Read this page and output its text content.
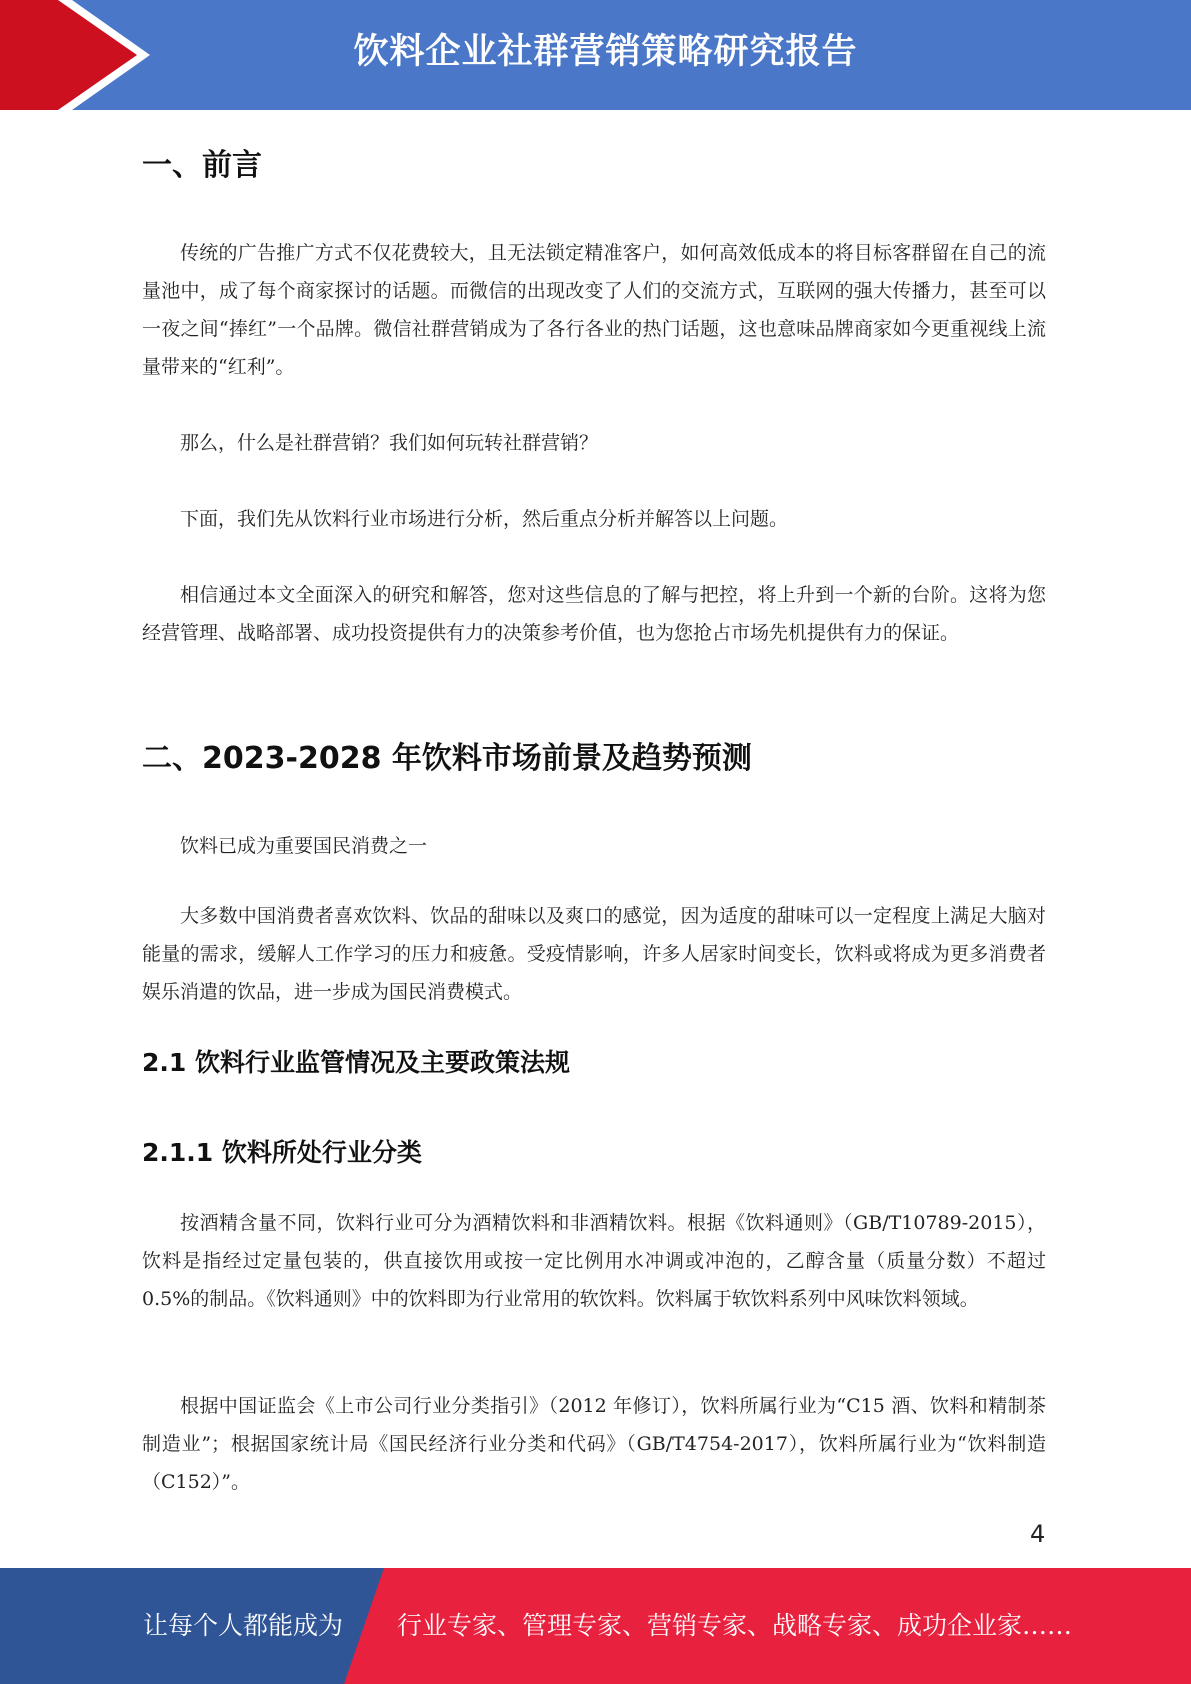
饮料企业社群营销策略研究报告
一、前言

传统的广告推广方式不仅花费较大，且无法锁定精准客户，如何高效低成本的将目标客群留在自己的流量池中，成了每个商家探讨的话题。而微信的出现改变了人们的交流方式，互联网的强大传播力，甚至可以一夜之间“捧红”一个品牌。微信社群营销成为了各行各业的热门话题，这也意味品牌商家如今更重视线上流量带来的“红利”。

那么，什么是社群营销？我们如何玩转社群营销？

下面，我们先从饮料行业市场进行分析，然后重点分析并解答以上问题。

相信通过本文全面深入的研究和解答，您对这些信息的了解与把控，将上升到一个新的台阶。这将为您经营管理、战略部署、成功投资提供有力的决策参考价值，也为您抢占市场先机提供有力的保证。

二、2023-2028 年饮料市场前景及趋势预测

饮料已成为重要国民消费之一

大多数中国消费者喜欢饮料、饮品的甜味以及爽口的感觉，因为适度的甜味可以一定程度上满足大脑对能量的需求，缓解人工作学习的压力和疲惫。受疫情影响，许多人居家时间变长，饮料或将成为更多消费者娱乐消遣的饮品，进一步成为国民消费模式。

2.1 饮料行业监管情况及主要政策法规
2.1.1 饮料所处行业分类

按酒精含量不同，饮料行业可分为酒精饮料和非酒精饮料。根据《饮料通则》（GB/T10789-2015），饮料是指经过定量包装的，供直接饮用或按一定比例用水冲调或冲泡的，乙醇含量（质量分数）不超过 0.5%的制品。《饮料通则》中的饮料即为行业常用的软饮料。饮料属于软饮料系列中风味饮料领域。

根据中国证监会《上市公司行业分类指引》（2012 年修订），饮料所属行业为“C15 酒、饮料和精制茶制造业”；根据国家统计局《国民经济行业分类和代码》（GB/T4754-2017），饮料所属行业为“饮料制造（C152）”。

4
让每个人都能成为 行业专家、管理专家、营销专家、战略专家、成功企业家……
